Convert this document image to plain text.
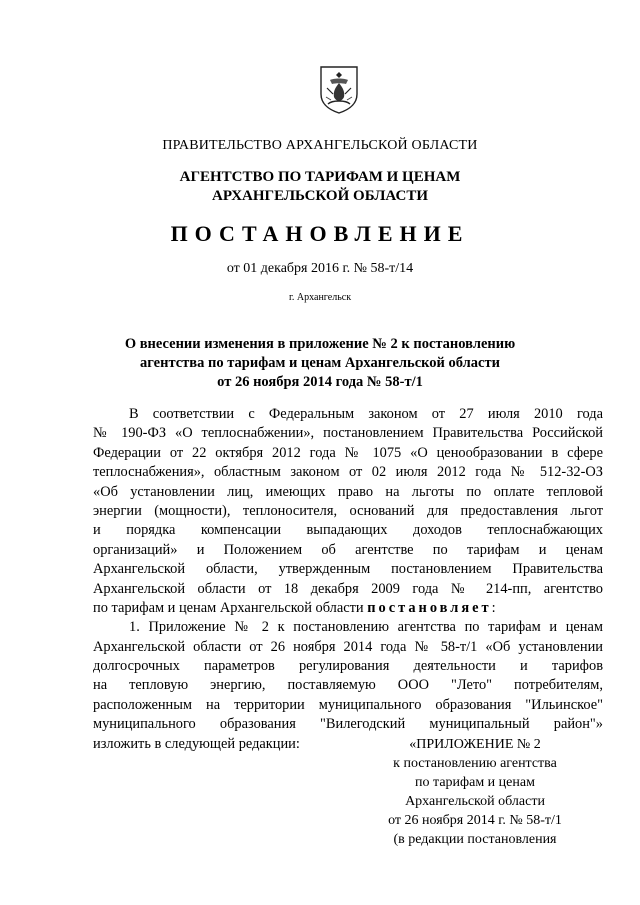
ПРАВИТЕЛЬСТВО АРХАНГЕЛЬСКОЙ ОБЛАСТИ
АГЕНТСТВО ПО ТАРИФАМ И ЦЕНАМ
АРХАНГЕЛЬСКОЙ ОБЛАСТИ
ПОСТАНОВЛЕНИЕ
от 01 декабря 2016 г. № 58-т/14
г. Архангельск
О внесении изменения в приложение № 2 к постановлению
агентства по тарифам и ценам Архангельской области
от 26 ноября 2014 года № 58-т/1
В соответствии с Федеральным законом от 27 июля 2010 года
№ 190-ФЗ «О теплоснабжении», постановлением Правительства Российской
Федерации от 22 октября 2012 года № 1075 «О ценообразовании в сфере
теплоснабжения», областным законом от 02 июля 2012 года № 512-32-ОЗ
«Об установлении лиц, имеющих право на льготы по оплате тепловой
энергии (мощности), теплоносителя, оснований для предоставления льгот
и порядка компенсации выпадающих доходов теплоснабжающих
организаций» и Положением об агентстве по тарифам и ценам
Архангельской области, утвержденным постановлением Правительства
Архангельской области от 18 декабря 2009 года № 214-пп, агентство
по тарифам и ценам Архангельской области постановляет:
1. Приложение № 2 к постановлению агентства по тарифам и ценам
Архангельской области от 26 ноября 2014 года № 58-т/1 «Об установлении
долгосрочных параметров регулирования деятельности и тарифов
на тепловую энергию, поставляемую ООО "Лето" потребителям,
расположенным на территории муниципального образования "Ильинское"
муниципального образования "Вилегодский муниципальный район"»
изложить в следующей редакции:	«ПРИЛОЖЕНИЕ № 2
к постановлению агентства
по тарифам и ценам
Архангельской области
от 26 ноября 2014 г. № 58-т/1
(в редакции постановления
